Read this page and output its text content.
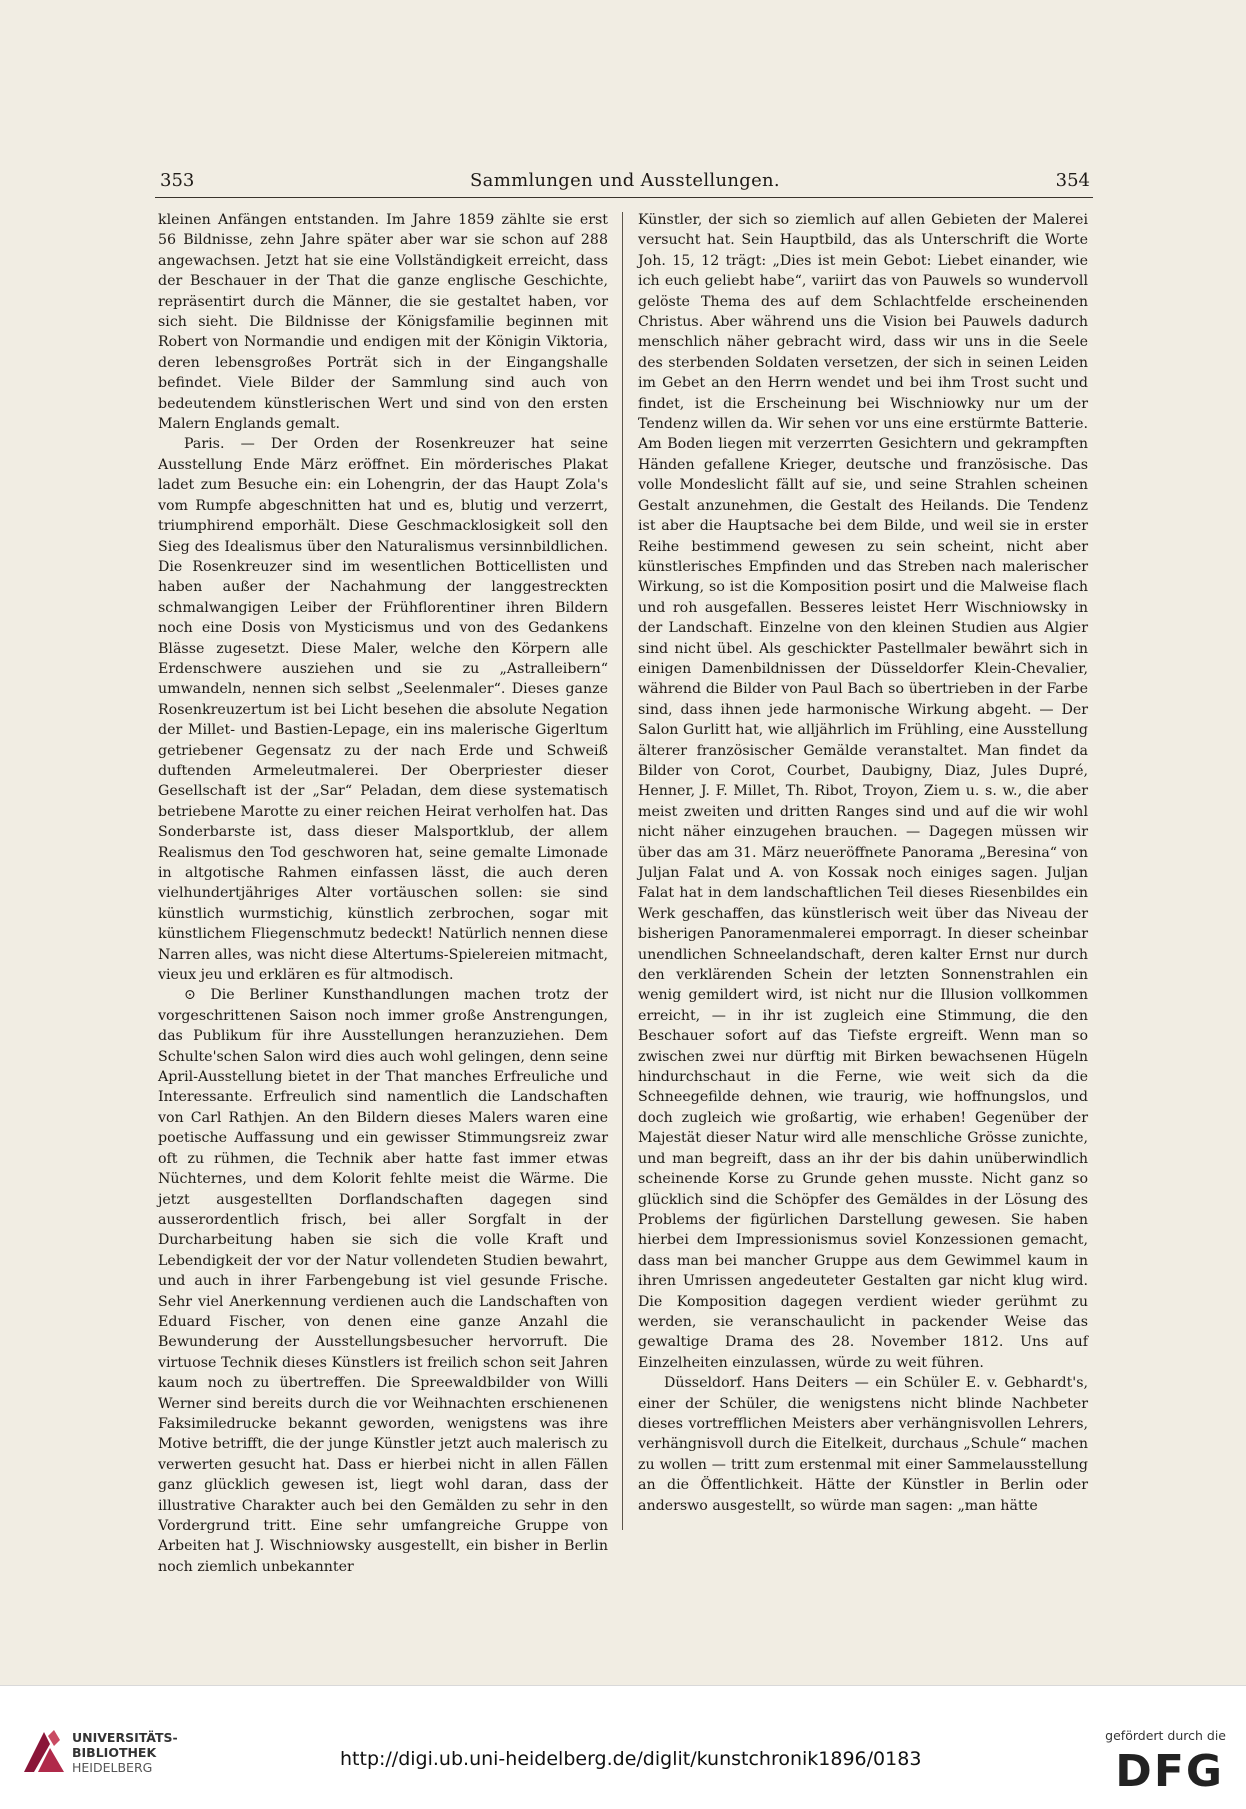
353	Sammlungen und Ausstellungen.	354

kleinen Anfängen entstanden. Im Jahre 1859 zählte sie erst 56 Bildnisse, zehn Jahre später aber war sie schon auf 288 angewachsen. Jetzt hat sie eine Vollständigkeit erreicht, dass der Beschauer in der That die ganze englische Geschichte, repräsentirt durch die Männer, die sie gestaltet haben, vor sich sieht. Die Bildnisse der Königsfamilie beginnen mit Robert von Normandie und endigen mit der Königin Viktoria, deren lebensgroßes Porträt sich in der Eingangshalle befindet. Viele Bilder der Sammlung sind auch von bedeutendem künstlerischen Wert und sind von den ersten Malern Englands gemalt.

Paris. — Der Orden der Rosenkreuzer hat seine Ausstellung Ende März eröffnet. Ein mörderisches Plakat ladet zum Besuche ein: ein Lohengrin, der das Haupt Zola's vom Rumpfe abgeschnitten hat und es, blutig und verzerrt, triumphirend emporhält. Diese Geschmacklosigkeit soll den Sieg des Idealismus über den Naturalismus versinnbildlichen. Die Rosenkreuzer sind im wesentlichen Botticellisten und haben außer der Nachahmung der langgestreckten schmalwangigen Leiber der Frühflorentiner ihren Bildern noch eine Dosis von Mysticismus und von des Gedankens Blässe zugesetzt. Diese Maler, welche den Körpern alle Erdenschwere ausziehen und sie zu „Astralleibern“ umwandeln, nennen sich selbst „Seelenmaler“. Dieses ganze Rosenkreuzertum ist bei Licht besehen die absolute Negation der Millet- und Bastien-Lepage, ein ins malerische Gigerltum getriebener Gegensatz zu der nach Erde und Schweiß duftenden Armeleutmalerei. Der Oberpriester dieser Gesellschaft ist der „Sar“ Peladan, dem diese systematisch betriebene Marotte zu einer reichen Heirat verholfen hat. Das Sonderbarste ist, dass dieser Malsportklub, der allem Realismus den Tod geschworen hat, seine gemalte Limonade in altgotische Rahmen einfassen lässt, die auch deren vielhundertjähriges Alter vortäuschen sollen: sie sind künstlich wurmstichig, künstlich zerbrochen, sogar mit künstlichem Fliegenschmutz bedeckt! Natürlich nennen diese Narren alles, was nicht diese Altertums-Spielereien mitmacht, vieux jeu und erklären es für altmodisch.

⊙ Die Berliner Kunsthandlungen machen trotz der vorgeschrittenen Saison noch immer große Anstrengungen, das Publikum für ihre Ausstellungen heranzuziehen. Dem Schulte'schen Salon wird dies auch wohl gelingen, denn seine April-Ausstellung bietet in der That manches Erfreuliche und Interessante. Erfreulich sind namentlich die Landschaften von Carl Rathjen. An den Bildern dieses Malers waren eine poetische Auffassung und ein gewisser Stimmungsreiz zwar oft zu rühmen, die Technik aber hatte fast immer etwas Nüchternes, und dem Kolorit fehlte meist die Wärme. Die jetzt ausgestellten Dorflandschaften dagegen sind ausserordentlich frisch, bei aller Sorgfalt in der Durcharbeitung haben sie sich die volle Kraft und Lebendigkeit der vor der Natur vollendeten Studien bewahrt, und auch in ihrer Farbengebung ist viel gesunde Frische. Sehr viel Anerkennung verdienen auch die Landschaften von Eduard Fischer, von denen eine ganze Anzahl die Bewunderung der Ausstellungsbesucher hervorruft. Die virtuose Technik dieses Künstlers ist freilich schon seit Jahren kaum noch zu übertreffen. Die Spreewaldbilder von Willi Werner sind bereits durch die vor Weihnachten erschienenen Faksimiledrucke bekannt geworden, wenigstens was ihre Motive betrifft, die der junge Künstler jetzt auch malerisch zu verwerten gesucht hat. Dass er hierbei nicht in allen Fällen ganz glücklich gewesen ist, liegt wohl daran, dass der illustrative Charakter auch bei den Gemälden zu sehr in den Vordergrund tritt. Eine sehr umfangreiche Gruppe von Arbeiten hat J. Wischniowsky ausgestellt, ein bisher in Berlin noch ziemlich unbekannter

Künstler, der sich so ziemlich auf allen Gebieten der Malerei versucht hat. Sein Hauptbild, das als Unterschrift die Worte Joh. 15, 12 trägt: „Dies ist mein Gebot: Liebet einander, wie ich euch geliebt habe“, variirt das von Pauwels so wundervoll gelöste Thema des auf dem Schlachtfelde erscheinenden Christus. Aber während uns die Vision bei Pauwels dadurch menschlich näher gebracht wird, dass wir uns in die Seele des sterbenden Soldaten versetzen, der sich in seinen Leiden im Gebet an den Herrn wendet und bei ihm Trost sucht und findet, ist die Erscheinung bei Wischniowky nur um der Tendenz willen da. Wir sehen vor uns eine erstürmte Batterie. Am Boden liegen mit verzerrten Gesichtern und gekrampften Händen gefallene Krieger, deutsche und französische. Das volle Mondeslicht fällt auf sie, und seine Strahlen scheinen Gestalt anzunehmen, die Gestalt des Heilands. Die Tendenz ist aber die Hauptsache bei dem Bilde, und weil sie in erster Reihe bestimmend gewesen zu sein scheint, nicht aber künstlerisches Empfinden und das Streben nach malerischer Wirkung, so ist die Komposition posirt und die Malweise flach und roh ausgefallen. Besseres leistet Herr Wischniowsky in der Landschaft. Einzelne von den kleinen Studien aus Algier sind nicht übel. Als geschickter Pastellmaler bewährt sich in einigen Damenbildnissen der Düsseldorfer Klein-Chevalier, während die Bilder von Paul Bach so übertrieben in der Farbe sind, dass ihnen jede harmonische Wirkung abgeht. — Der Salon Gurlitt hat, wie alljährlich im Frühling, eine Ausstellung älterer französischer Gemälde veranstaltet. Man findet da Bilder von Corot, Courbet, Daubigny, Diaz, Jules Dupré, Henner, J. F. Millet, Th. Ribot, Troyon, Ziem u. s. w., die aber meist zweiten und dritten Ranges sind und auf die wir wohl nicht näher einzugehen brauchen. — Dagegen müssen wir über das am 31. März neueröffnete Panorama „Beresina“ von Juljan Falat und A. von Kossak noch einiges sagen. Juljan Falat hat in dem landschaftlichen Teil dieses Riesenbildes ein Werk geschaffen, das künstlerisch weit über das Niveau der bisherigen Panoramenmalerei emporragt. In dieser scheinbar unendlichen Schneelandschaft, deren kalter Ernst nur durch den verklärenden Schein der letzten Sonnenstrahlen ein wenig gemildert wird, ist nicht nur die Illusion vollkommen erreicht, — in ihr ist zugleich eine Stimmung, die den Beschauer sofort auf das Tiefste ergreift. Wenn man so zwischen zwei nur dürftig mit Birken bewachsenen Hügeln hindurchschaut in die Ferne, wie weit sich da die Schneegefilde dehnen, wie traurig, wie hoffnungslos, und doch zugleich wie großartig, wie erhaben! Gegenüber der Majestät dieser Natur wird alle menschliche Grösse zunichte, und man begreift, dass an ihr der bis dahin unüberwindlich scheinende Korse zu Grunde gehen musste. Nicht ganz so glücklich sind die Schöpfer des Gemäldes in der Lösung des Problems der figürlichen Darstellung gewesen. Sie haben hierbei dem Impressionismus soviel Konzessionen gemacht, dass man bei mancher Gruppe aus dem Gewimmel kaum in ihren Umrissen angedeuteter Gestalten gar nicht klug wird. Die Komposition dagegen verdient wieder gerühmt zu werden, sie veranschaulicht in packender Weise das gewaltige Drama des 28. November 1812. Uns auf Einzelheiten einzulassen, würde zu weit führen.

Düsseldorf. Hans Deiters — ein Schüler E. v. Gebhardt's, einer der Schüler, die wenigstens nicht blinde Nachbeter dieses vortrefflichen Meisters aber verhängnisvollen Lehrers, verhängnisvoll durch die Eitelkeit, durchaus „Schule“ machen zu wollen — tritt zum erstenmal mit einer Sammelausstellung an die Öffentlichkeit. Hätte der Künstler in Berlin oder anderswo ausgestellt, so würde man sagen: „man hätte

UNIVERSITÄTS-
BIBLIOTHEK
HEIDELBERG	http://digi.ub.uni-heidelberg.de/diglit/kunstchronik1896/0183
gefördert durch die
DFG
